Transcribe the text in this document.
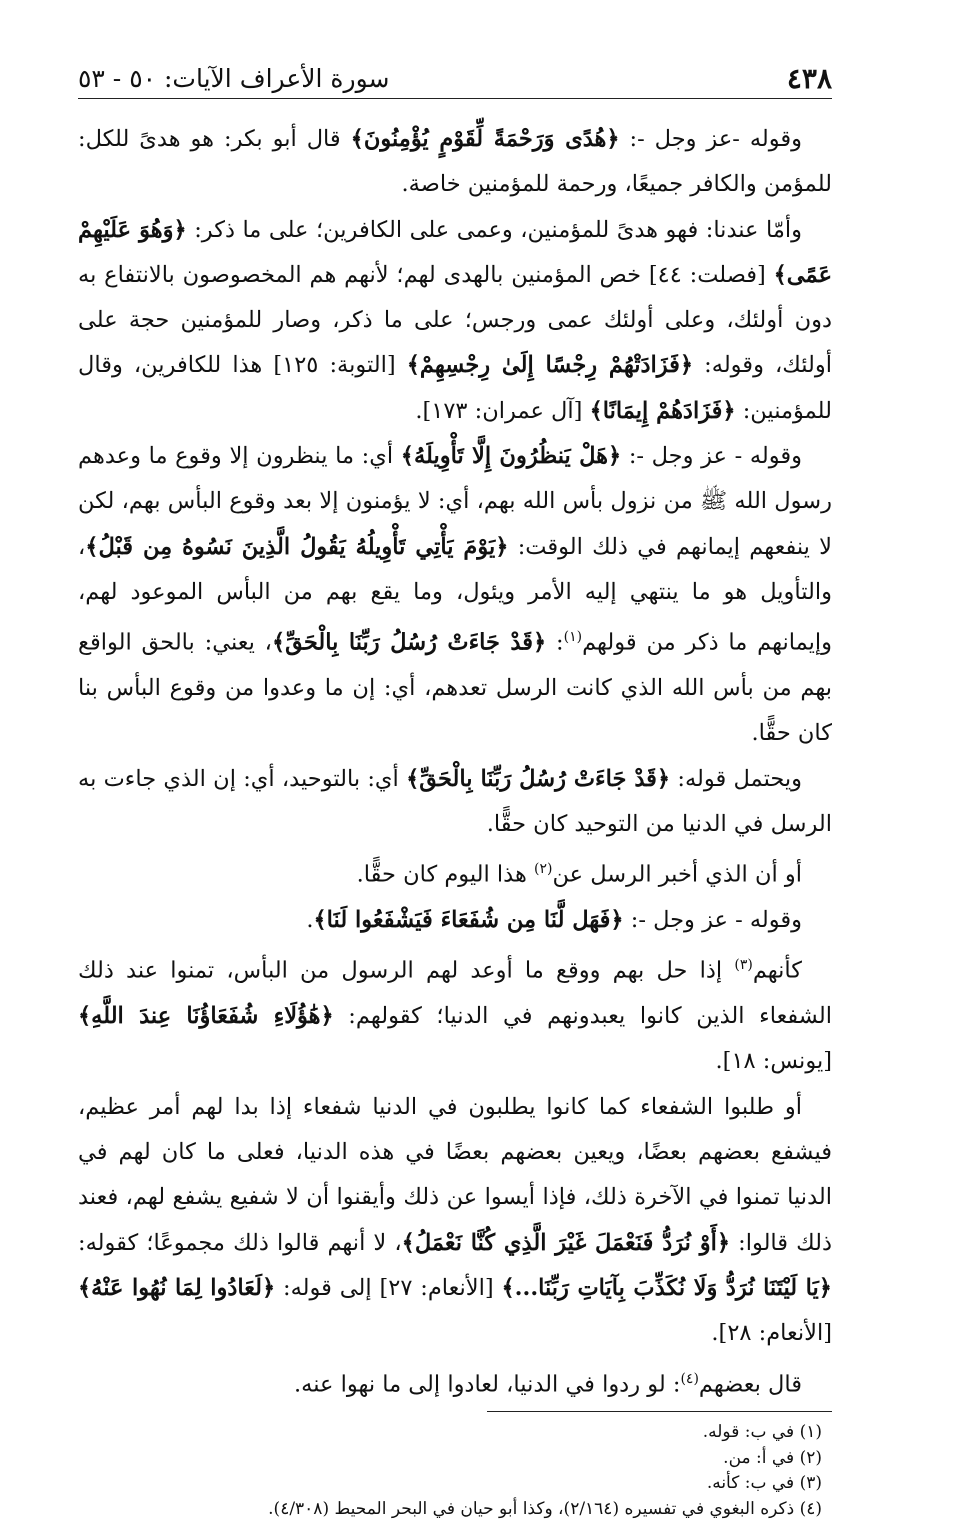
٤٣٨
سورة الأعراف الآيات: ٥٠ - ٥٣

وقوله -عز وجل -: ﴿هُدًى وَرَحْمَةً لِّقَوْمٍ يُؤْمِنُونَ﴾ قال أبو بكر: هو هدىً للكل: للمؤمن والكافر جميعًا، ورحمة للمؤمنين خاصة.

وأمّا عندنا: فهو هدىً للمؤمنين، وعمى على الكافرين؛ على ما ذكر: ﴿وَهُوَ عَلَيْهِمْ عَمًى﴾ [فصلت: ٤٤] خص المؤمنين بالهدى لهم؛ لأنهم هم المخصوصون بالانتفاع به دون أولئك، وعلى أولئك عمى ورجس؛ على ما ذكر، وصار للمؤمنين حجة على أولئك، وقوله: ﴿فَزَادَتْهُمْ رِجْسًا إِلَىٰ رِجْسِهِمْ﴾ [التوبة: ١٢٥] هذا للكافرين، وقال للمؤمنين: ﴿فَزَادَهُمْ إِيمَانًا﴾ [آل عمران: ١٧٣].

وقوله - عز وجل -: ﴿هَلْ يَنظُرُونَ إِلَّا تَأْوِيلَهُ﴾ أي: ما ينظرون إلا وقوع ما وعدهم رسول الله ﷺ من نزول بأس الله بهم، أي: لا يؤمنون إلا بعد وقوع البأس بهم، لكن لا ينفعهم إيمانهم في ذلك الوقت: ﴿يَوْمَ يَأْتِي تَأْوِيلُهُ يَقُولُ الَّذِينَ نَسُوهُ مِن قَبْلُ﴾، والتأويل هو ما ينتهي إليه الأمر ويئول، وما يقع بهم من البأس الموعود لهم، وإيمانهم ما ذكر من قولهم$^{(١)}$: ﴿قَدْ جَاءَتْ رُسُلُ رَبِّنَا بِالْحَقِّ﴾، يعني: بالحق الواقع بهم من بأس الله الذي كانت الرسل تعدهم، أي: إن ما وعدوا من وقوع البأس بنا كان حقًّا.

ويحتمل قوله: ﴿قَدْ جَاءَتْ رُسُلُ رَبِّنَا بِالْحَقِّ﴾ أي: بالتوحيد، أي: إن الذي جاءت به الرسل في الدنيا من التوحيد كان حقًّا.

أو أن الذي أخبر الرسل عن$^{(٢)}$ هذا اليوم كان حقًّا.

وقوله - عز وجل -: ﴿فَهَل لَّنَا مِن شُفَعَاءَ فَيَشْفَعُوا لَنَا﴾.

كأنهم$^{(٣)}$ إذا حل بهم ووقع ما أوعد لهم الرسول من البأس، تمنوا عند ذلك الشفعاء الذين كانوا يعبدونهم في الدنيا؛ كقولهم: ﴿هَٰؤُلَاءِ شُفَعَاؤُنَا عِندَ اللَّهِ﴾ [يونس: ١٨].

أو طلبوا الشفعاء كما كانوا يطلبون في الدنيا شفعاء إذا بدا لهم أمر عظيم، فيشفع بعضهم بعضًا، ويعين بعضهم بعضًا في هذه الدنيا، فعلى ما كان لهم في الدنيا تمنوا في الآخرة ذلك، فإذا أيسوا عن ذلك وأيقنوا أن لا شفيع يشفع لهم، فعند ذلك قالوا: ﴿أَوْ نُرَدُّ فَنَعْمَلَ غَيْرَ الَّذِي كُنَّا نَعْمَلُ﴾، لا أنهم قالوا ذلك مجموعًا؛ كقوله: ﴿يَا لَيْتَنَا نُرَدُّ وَلَا نُكَذِّبَ بِآيَاتِ رَبِّنَا...﴾ [الأنعام: ٢٧] إلى قوله: ﴿لَعَادُوا لِمَا نُهُوا عَنْهُ﴾ [الأنعام: ٢٨].

قال بعضهم$^{(٤)}$: لو ردوا في الدنيا، لعادوا إلى ما نهوا عنه.

(١) في ب: قوله.
(٢) في أ: من.
(٣) في ب: كأنه.
(٤) ذكره البغوي في تفسيره (٢/١٦٤)، وكذا أبو حيان في البحر المحيط (٤/٣٠٨).
